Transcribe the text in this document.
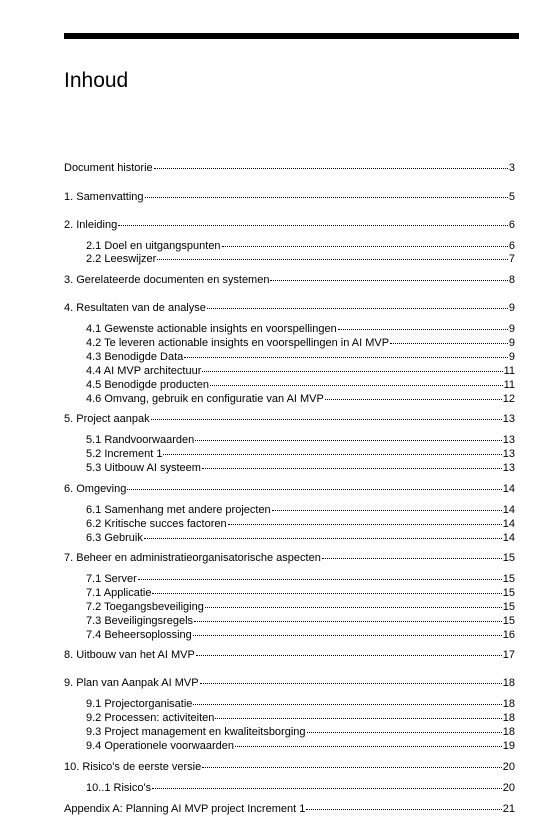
Inhoud
Document historie	3
1. Samenvatting	5
2. Inleiding	6
2.1 Doel en uitgangspunten	6
2.2 Leeswijzer	7
3. Gerelateerde documenten en systemen	8
4. Resultaten van de analyse	9
4.1 Gewenste actionable insights en voorspellingen	9
4.2 Te leveren actionable insights en voorspellingen in AI MVP	9
4.3 Benodigde Data	9
4.4 AI MVP architectuur	11
4.5 Benodigde producten	11
4.6 Omvang, gebruik en configuratie van AI MVP	12
5. Project aanpak	13
5.1 Randvoorwaarden	13
5.2 Increment 1	13
5.3 Uitbouw AI systeem	13
6. Omgeving	14
6.1 Samenhang met andere projecten	14
6.2 Kritische succes factoren	14
6.3 Gebruik	14
7. Beheer en administratieorganisatorische aspecten	15
7.1 Server	15
7.1 Applicatie	15
7.2 Toegangsbeveiliging	15
7.3 Beveiligingsregels	15
7.4 Beheersoplossing	16
8. Uitbouw van het AI MVP	17
9. Plan van Aanpak AI MVP	18
9.1 Projectorganisatie	18
9.2 Processen: activiteiten	18
9.3 Project management en kwaliteitsborging	18
9.4 Operationele voorwaarden	19
10. Risico's de eerste versie	20
10..1 Risico's	20
Appendix A: Planning AI MVP project Increment 1	21
